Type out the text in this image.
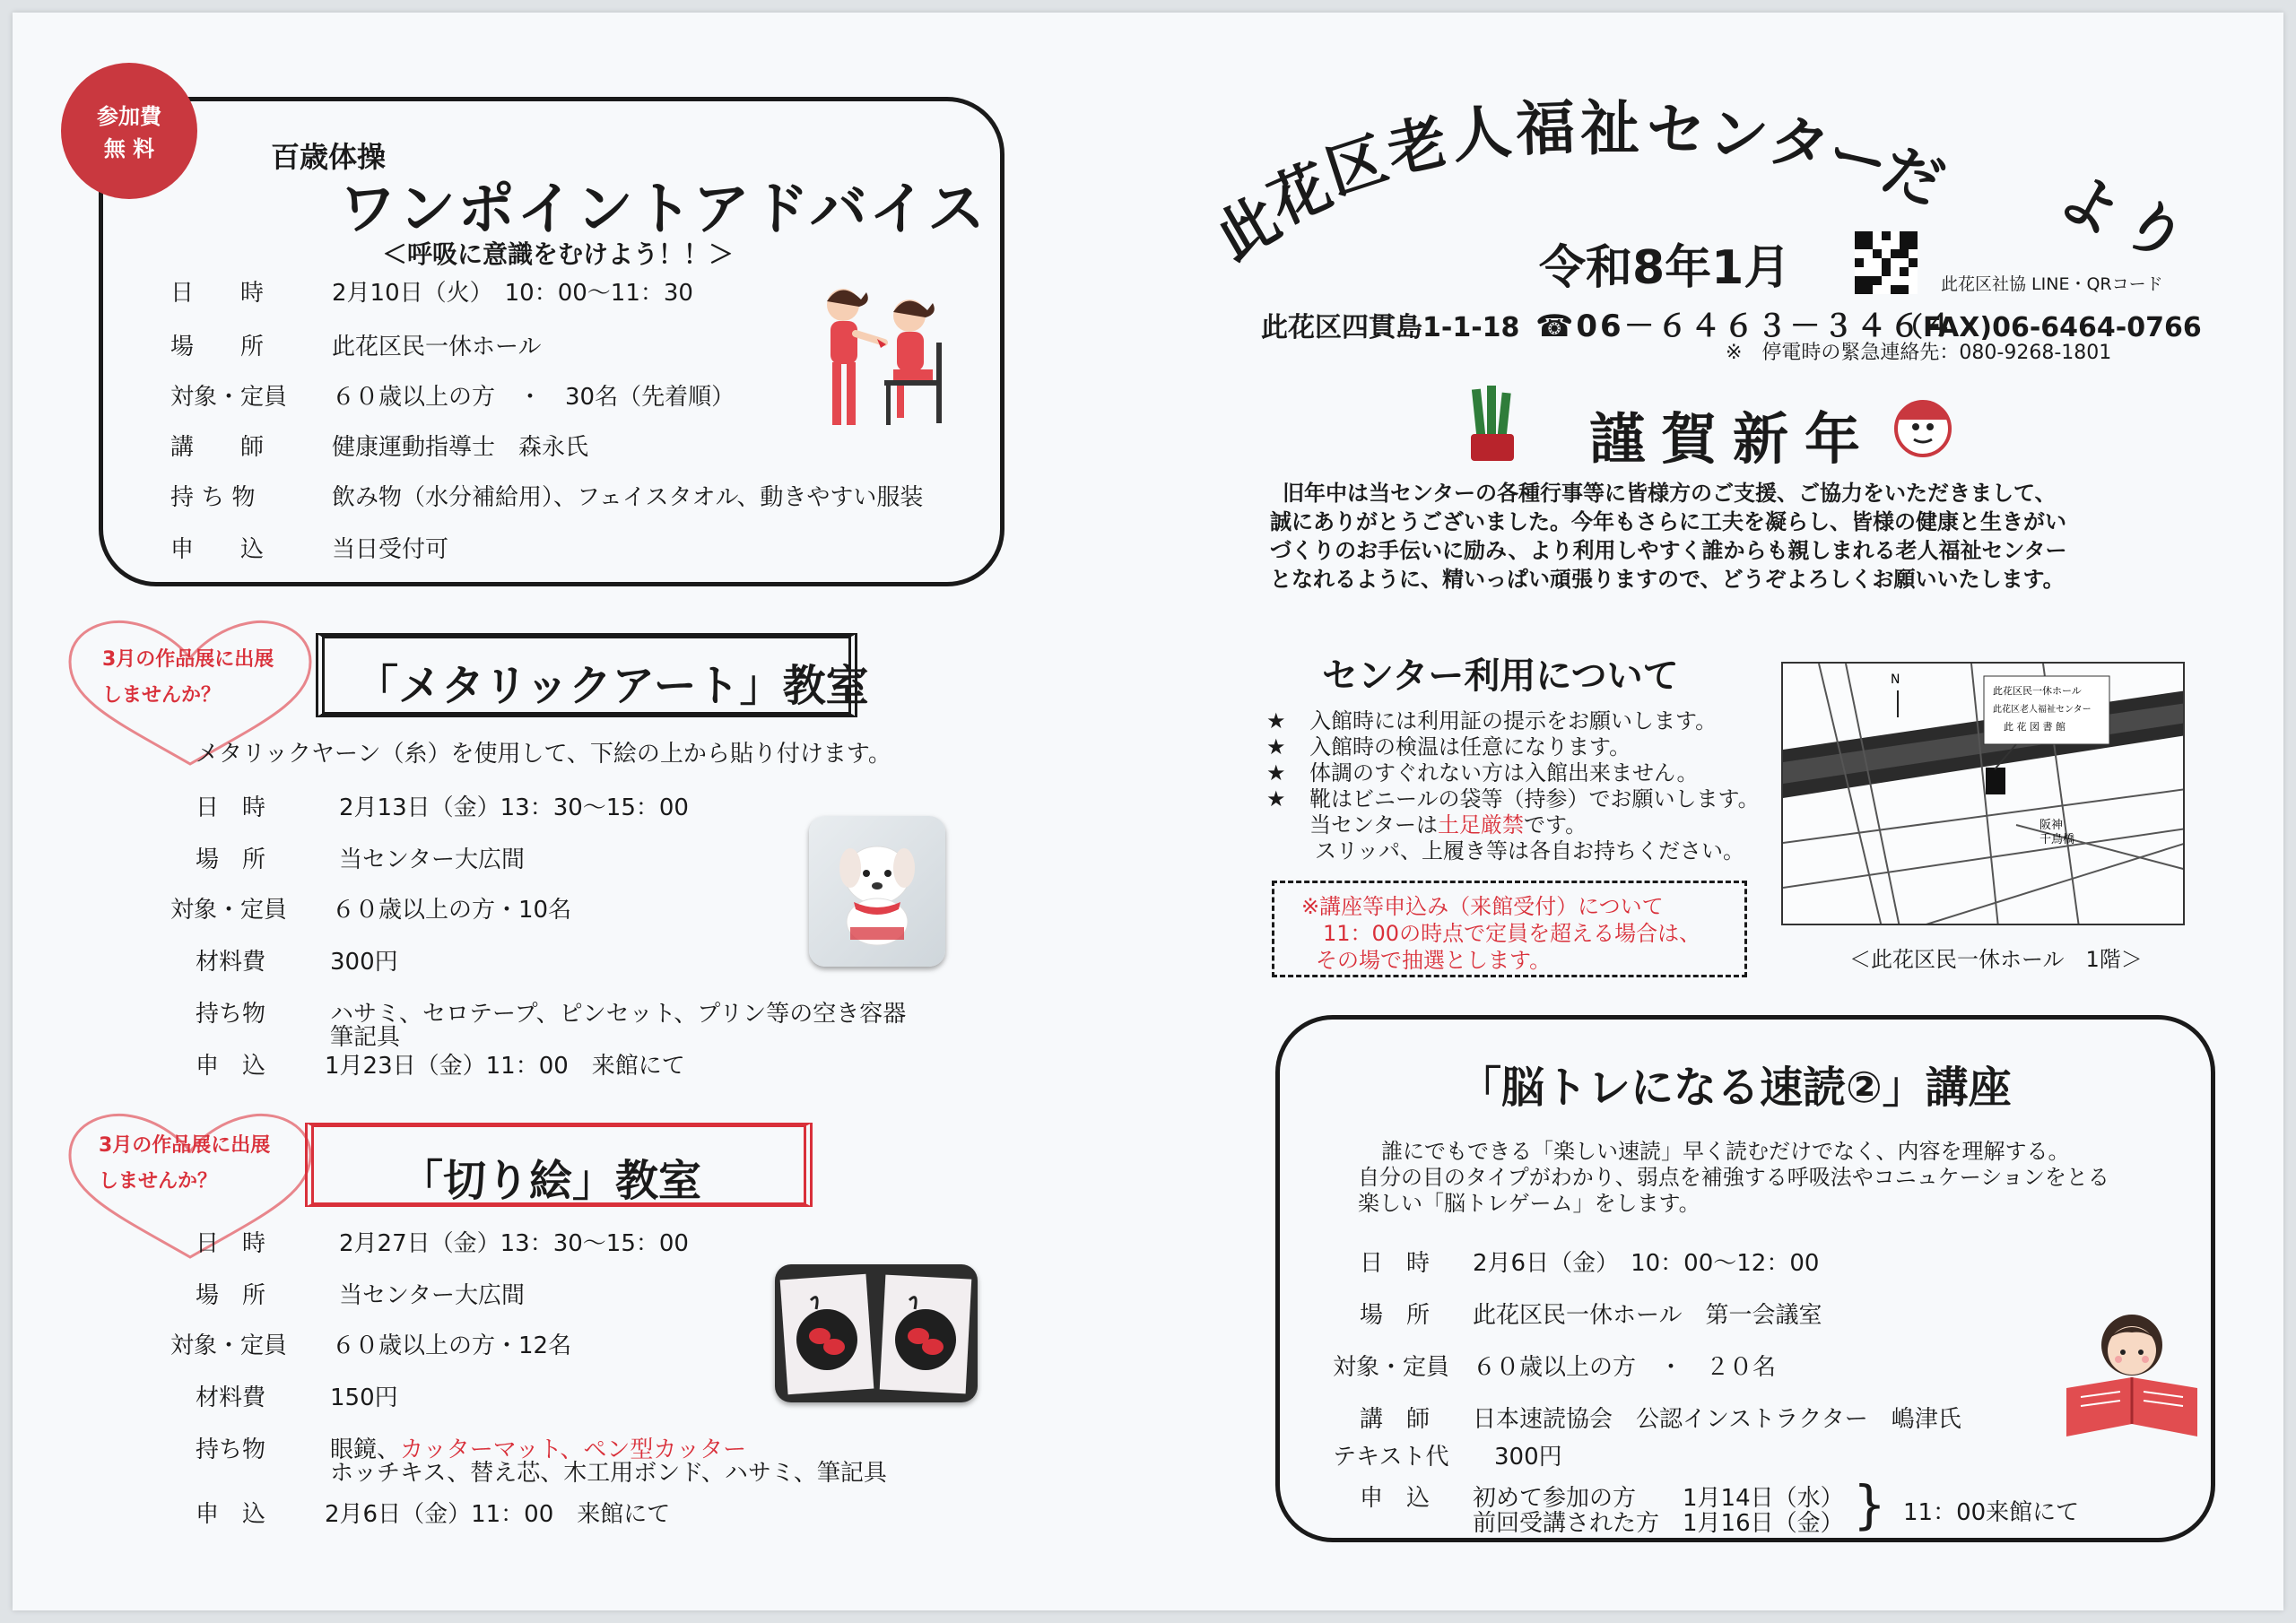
参加費
無 料	百歳体操
ワンポイントアドバイス
＜呼吸に意識をむけよう！！＞
日　　時	2月10日（火）　10：00～11：30
場　　所	此花区民一休ホール
対象・定員 ６０歳以上の方　・　30名（先着順）
講　　師	健康運動指導士　森永氏
持 ち 物	飲み物（水分補給用）、フェイスタオル、動きやすい服装
申　　込	当日受付可
3月の作品展に出展
しませんか？	「メタリックアート」教室
メタリックヤーン（糸）を使用して、下絵の上から貼り付けます。
日　時	2月13日（金）13：30～15：00
場　所	当センター大広間
対象・定員 ６０歳以上の方・10名
材料費	300円
持ち物	ハサミ、セロテープ、ピンセット、プリン等の空き容器
筆記具
申　込	1月23日（金）11：00　来館にて
3月の作品展に出展
しませんか？	「切り絵」教室
日　時	2月27日（金）13：30～15：00
場　所	当センター大広間
対象・定員 ６０歳以上の方・12名
材料費	150円
持ち物	眼鏡、カッターマット、ペン型カッター
ホッチキス、替え芯、木工用ボンド、ハサミ、筆記具
申　込	2月6日（金）11：00　来館にて
此
花
区
老
人 福 祉 セ
ン
タ
ー
だ よ
り
令和8年1月	此花区社協 LINE・QRコード
此花区四貫島1-1-18 ☎06－６４６３－３４６４
（FAX)06-6464-0766
※　停電時の緊急連絡先：080-9268-1801
謹賀新年
旧年中は当センターの各種行事等に皆様方のご支援、ご協力をいただきまして、
誠にありがとうございました。今年もさらに工夫を凝らし、皆様の健康と生きがい
づくりのお手伝いに励み、より利用しやすく誰からも親しまれる老人福祉センター
となれるように、精いっぱい頑張りますので、どうぞよろしくお願いいたします。
センター利用について
★ 入館時には利用証の提示をお願いします。
★ 入館時の検温は任意になります。
★ 体調のすぐれない方は入館出来ません。
★ 靴はビニールの袋等（持参）でお願いします。
当センターは土足厳禁です。
スリッパ、上履き等は各自お持ちください。
※講座等申込み（来館受付）について
11：00の時点で定員を超える場合は、
その場で抽選とします。
此花区民一休ホール
此花区老人福祉センター
此 花 図 書 館
阪神
千鳥橋
N
＜此花区民一休ホール　1階＞
「脳トレになる速読②」講座
誰にでもできる「楽しい速読」早く読むだけでなく、内容を理解する。
自分の目のタイプがわかり、弱点を補強する呼吸法やコニュケーションをとる
楽しい「脳トレゲーム」をします。
日　時 2月6日（金）　10：00～12：00
場　所 此花区民一休ホール　第一会議室
対象・定員 ６０歳以上の方　・　２０名
講　師 日本速読協会　公認インストラクター　嶋津氏
テキスト代 300円
申　込 初めて参加の方　　1月14日（水）
前回受講された方　1月16日（金） } 11：00来館にて
